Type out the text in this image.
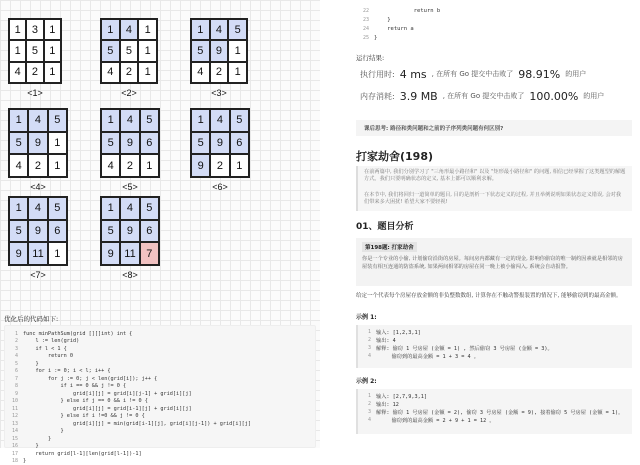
1	3	1
1	5	1
4	2	1
<1>
1	4	1
5	5	1
4	2	1
<2>
1	4	5
5	9	1
4	2	1
<3>
1	4	5
5	9	1
4	2	1
<4>
1	4	5
5	9	6
4	2	1
<5>
1	4	5
5	9	6
9	2	1
<6>
1	4	5
5	9	6
9 11 1
<7>
1	4	5
5	9	6
9 11 7
<8>
优化后的代码如下:
1 func minPathSum(grid [][]int) int {
2 l := len(grid)
3 if l < 1 {
4 return 0
5 }
6 for i := 0; i < l; i++ {
7 for j := 0; j < len(grid[i]); j++ {
8 if i == 0 && j != 0 {
9 grid[i][j] = grid[i][j-1] + grid[i][j]
10 } else if j == 0 && i != 0 {
11 grid[i][j] = grid[i-1][j] + grid[i][j]
12 } else if i !=0 && j != 0 {
13 grid[i][j] = min(grid[i-1][j], grid[i][j-1]) + grid[i][j]
14 }
15 }
16 }
17 return grid[l-1][len(grid[l-1])-1]
18 }
22 return b
23 }
24 return a
25 }
运行结果:
执行用时: 4 ms , 在所有 Go 提交中击败了 98.91% 的用户
内存消耗: 3.9 MB , 在所有 Go 提交中击败了 100.00% 的用户
课后思考: 路径和类问题和之前的子序列类问题有何区别?
打家劫舍(198)
在前两篇中, 我们分别学习了 "三角形最小路径和" 以及 "矩形最小路径和" 的问题, 相信已经掌握了这类题型的解题方式。我们只要明确状态的定义, 基本上都可以顺利求解。
在本节中, 我们将回归一道简单的题目, 目的是剖析一下状态定义的过程, 并且举例说明如果状态定义错误, 会对我们带来多大困扰! 希望大家不要轻视!
01、题目分析
第198题: 打家劫舍
你是一个专业的小偷, 计划偷窃沿街的房屋。每间房内都藏有一定的现金, 影响你偷窃的唯一制约因素就是相邻的房屋装有相互连通的防盗系统, 如果两间相邻的房屋在同一晚上被小偷闯入, 系统会自动报警。
给定一个代表每个房屋存放金额的非负整数数组, 计算你在不触动警报装置的情况下, 能够偷窃到的最高金额。
示例 1:
1 输入: [1,2,3,1]
2 输出: 4
3 解释: 偷窃 1 号房屋 (金额 = 1) , 然后偷窃 3 号房屋 (金额 = 3)。
4 偷窃到的最高金额 = 1 + 3 = 4 。
示例 2:
1 输入: [2,7,9,3,1]
2 输出: 12
3 解释: 偷窃 1 号房屋 (金额 = 2), 偷窃 3 号房屋 (金额 = 9), 接着偷窃 5 号房屋 (金额 = 1)。
4 偷窃到的最高金额 = 2 + 9 + 1 = 12 。
